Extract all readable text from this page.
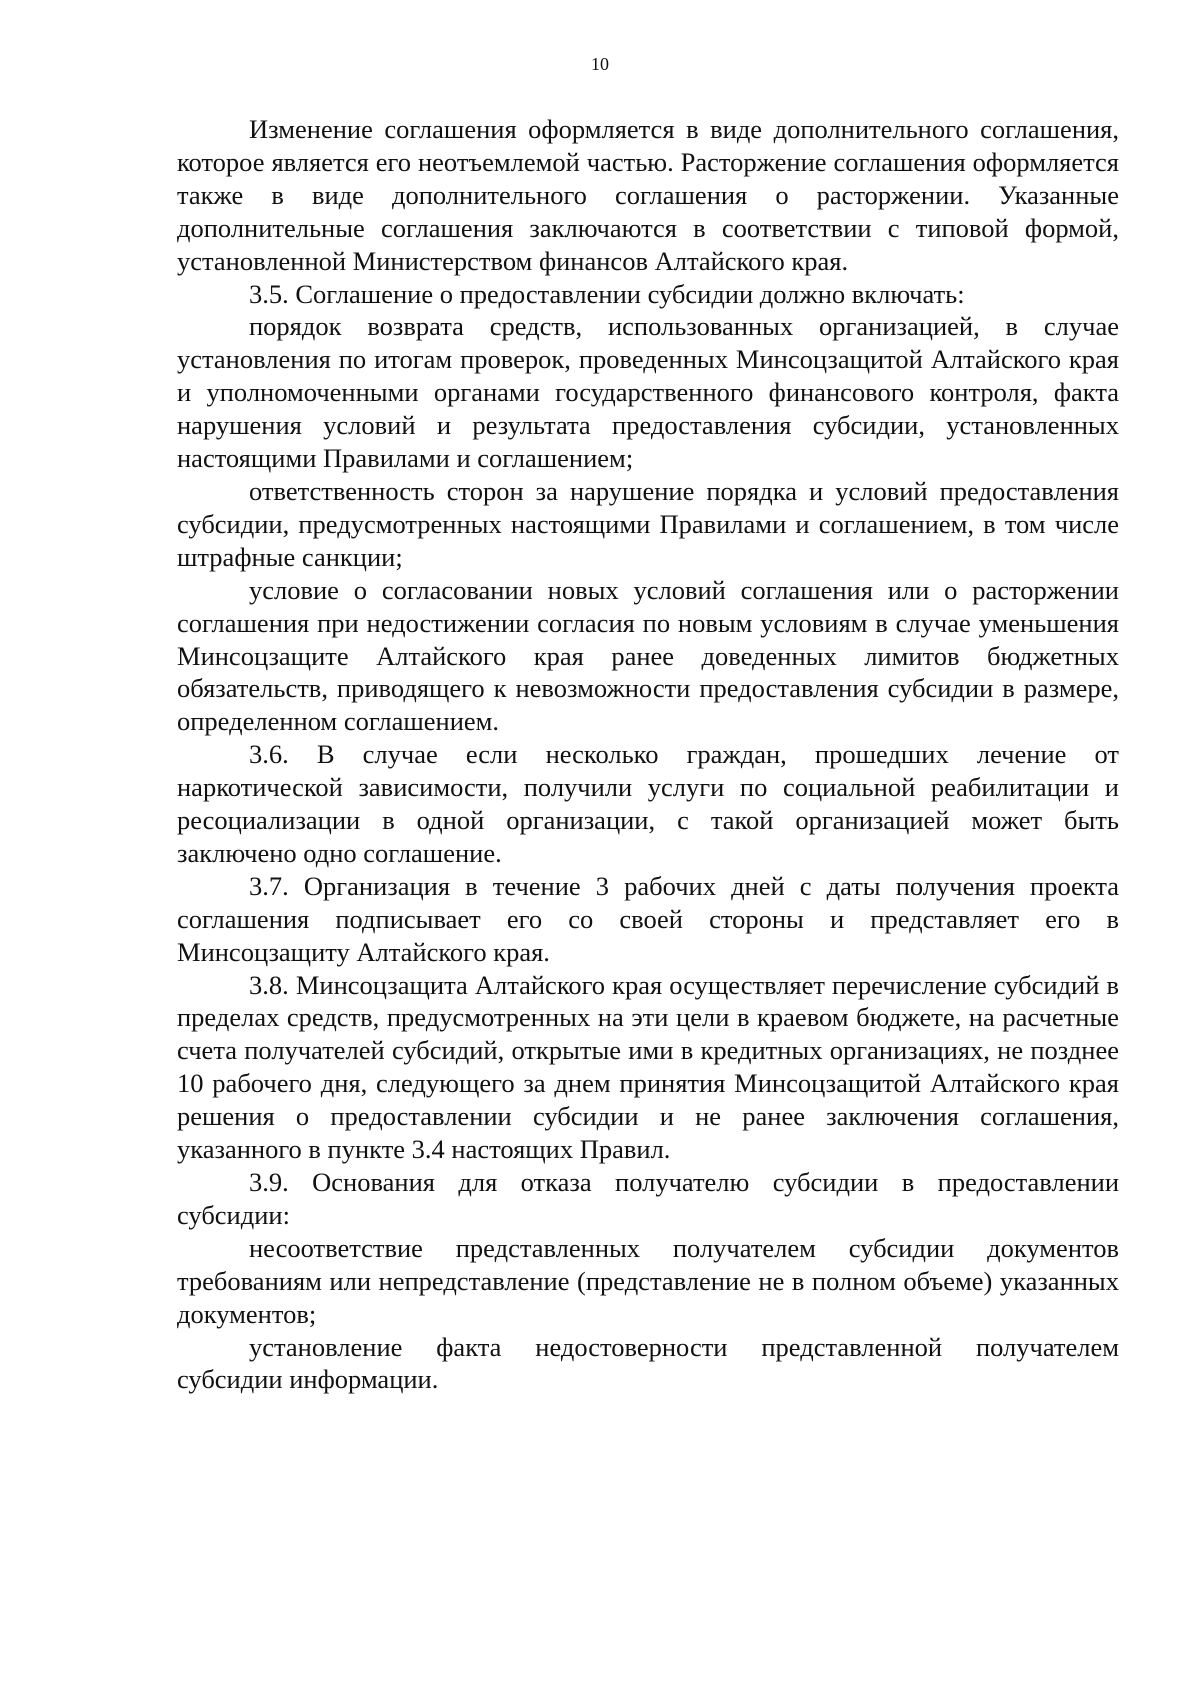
10

Изменение соглашения оформляется в виде дополнительного соглашения, которое является его неотъемлемой частью. Расторжение соглашения оформляется также в виде дополнительного соглашения о расторжении. Указанные дополнительные соглашения заключаются в соответствии с типовой формой, установленной Министерством финансов Алтайского края.

3.5. Соглашение о предоставлении субсидии должно включать:

порядок возврата средств, использованных организацией, в случае установления по итогам проверок, проведенных Минсоцзащитой Алтайского края и уполномоченными органами государственного финансового контроля, факта нарушения условий и результата предоставления субсидии, установленных настоящими Правилами и соглашением;

ответственность сторон за нарушение порядка и условий предоставления субсидии, предусмотренных настоящими Правилами и соглашением, в том числе штрафные санкции;

условие о согласовании новых условий соглашения или о расторжении соглашения при недостижении согласия по новым условиям в случае уменьшения Минсоцзащите Алтайского края ранее доведенных лимитов бюджетных обязательств, приводящего к невозможности предоставления субсидии в размере, определенном соглашением.

3.6. В случае если несколько граждан, прошедших лечение от наркотической зависимости, получили услуги по социальной реабилитации и ресоциализации в одной организации, с такой организацией может быть заключено одно соглашение.

3.7. Организация в течение 3 рабочих дней с даты получения проекта соглашения подписывает его со своей стороны и представляет его в Минсоцзащиту Алтайского края.

3.8. Минсоцзащита Алтайского края осуществляет перечисление субсидий в пределах средств, предусмотренных на эти цели в краевом бюджете, на расчетные счета получателей субсидий, открытые ими в кредитных организациях, не позднее 10 рабочего дня, следующего за днем принятия Минсоцзащитой Алтайского края решения о предоставлении субсидии и не ранее заключения соглашения, указанного в пункте 3.4 настоящих Правил.

3.9. Основания для отказа получателю субсидии в предоставлении субсидии:

несоответствие представленных получателем субсидии документов требованиям или непредставление (представление не в полном объеме) указанных документов;

установление факта недостоверности представленной получателем субсидии информации.
